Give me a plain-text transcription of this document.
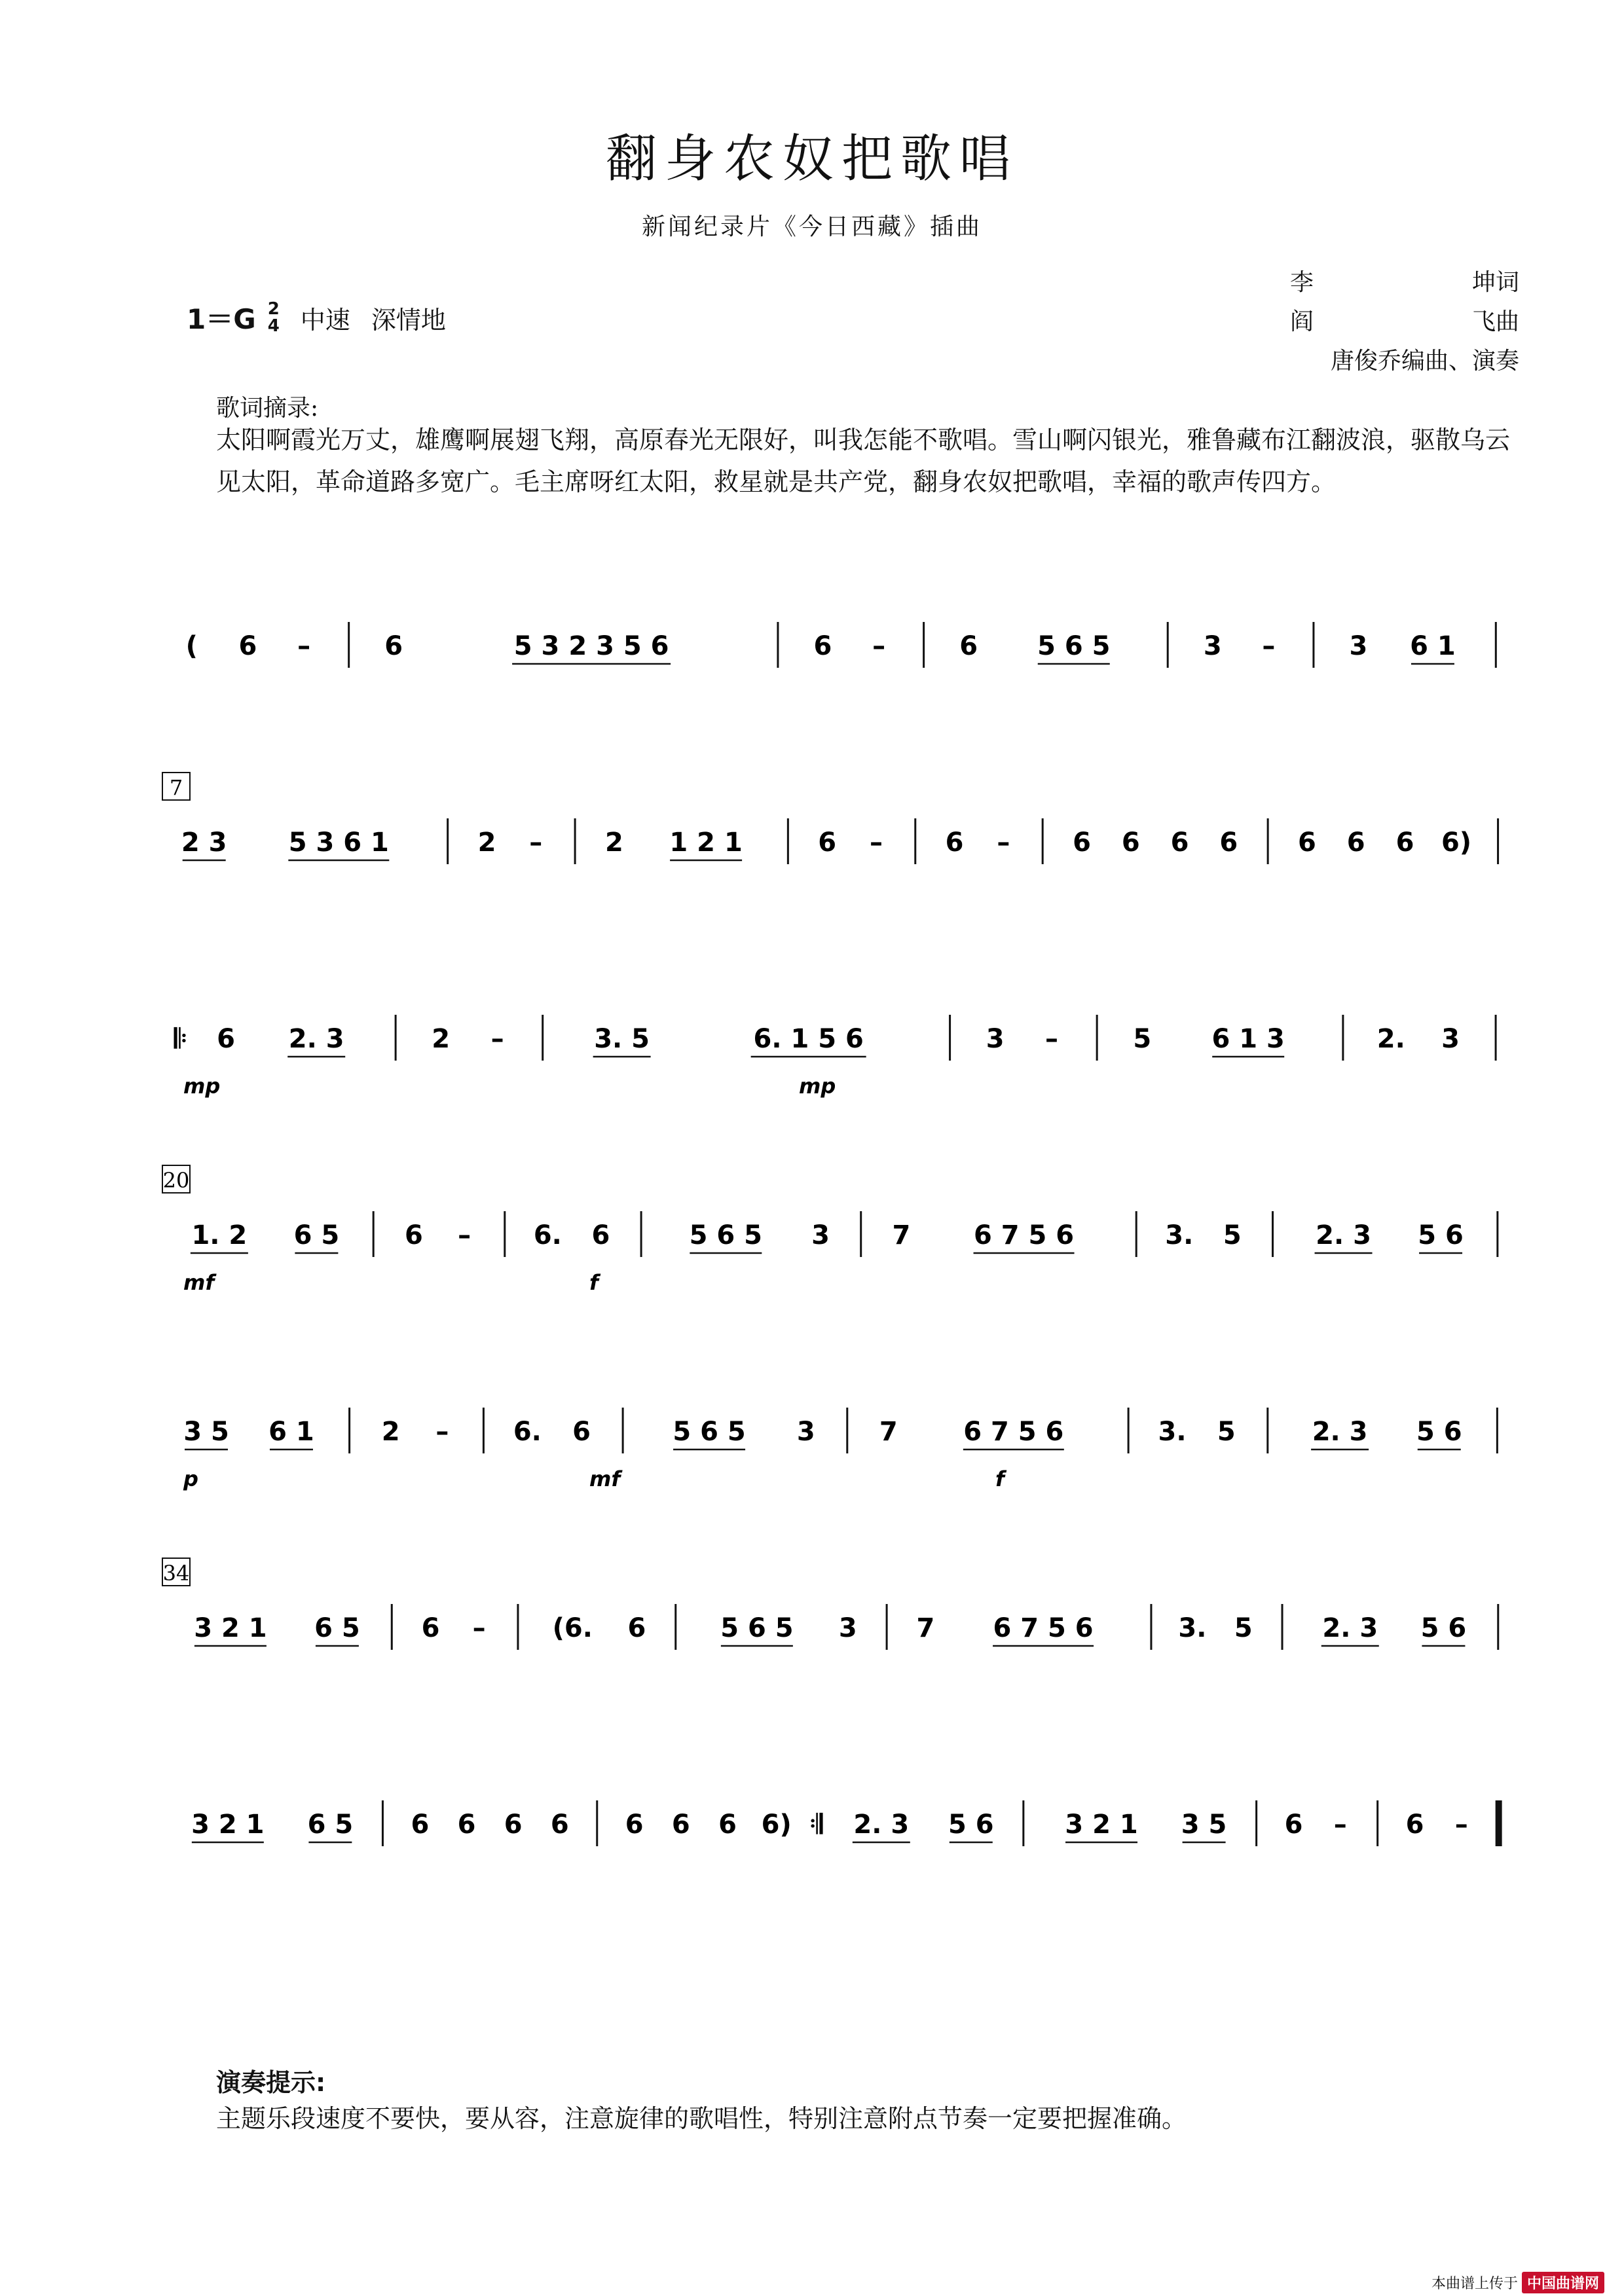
翻身农奴把歌唱
新闻纪录片《今日西藏》插曲
李	坤词
阎	飞曲
唐俊乔编曲、演奏
1＝G 2
4 中速 深情地
歌词摘录:
太阳啊霞光万丈，雄鹰啊展翅飞翔，高原春光无限好，叫我怎能不歌唱。雪山啊闪银光，雅鲁藏布江翻波浪，驱散乌云见太阳，革命道路多宽广。毛主席呀红太阳，救星就是共产党，翻身农奴把歌唱，幸福的歌声传四方。
( 6 –	6	5 3 2 3 5 6	6 –	6 5 6 5	3 –	3 6 1
7
2 3 5 3 6 1	2 – 2 1 2 1	6 – 6 – 6 6 6 6 6 6 6 6)
𝄆 6 2. 3	2 –	3. 5	6. 1 5 6	3 –	5 6 1 3	2. 3
mp	mp
20
1. 2 6 5 6 – 6. 6	5 6 5 3 7 6 7 5 6	3. 5	2. 3 5 6
mf	f
3 5 6 1	2 – 6. 6	5 6 5 3 7	6 7 5 6	3. 5	2. 3 5 6
p	mf	f
34
3 2 1 6 5 6 –	(6. 6	5 6 5 3 7 6 7 5 6	3. 5	2. 3 5 6
3 2 1 6 5 6 6 6 6 6 6 6 6) 𝄇 2. 3 5 6	3 2 1 3 5 6 – 6 –
演奏提示:
主题乐段速度不要快，要从容，注意旋律的歌唱性，特别注意附点节奏一定要把握准确。
本曲谱上传于 中国曲谱网
